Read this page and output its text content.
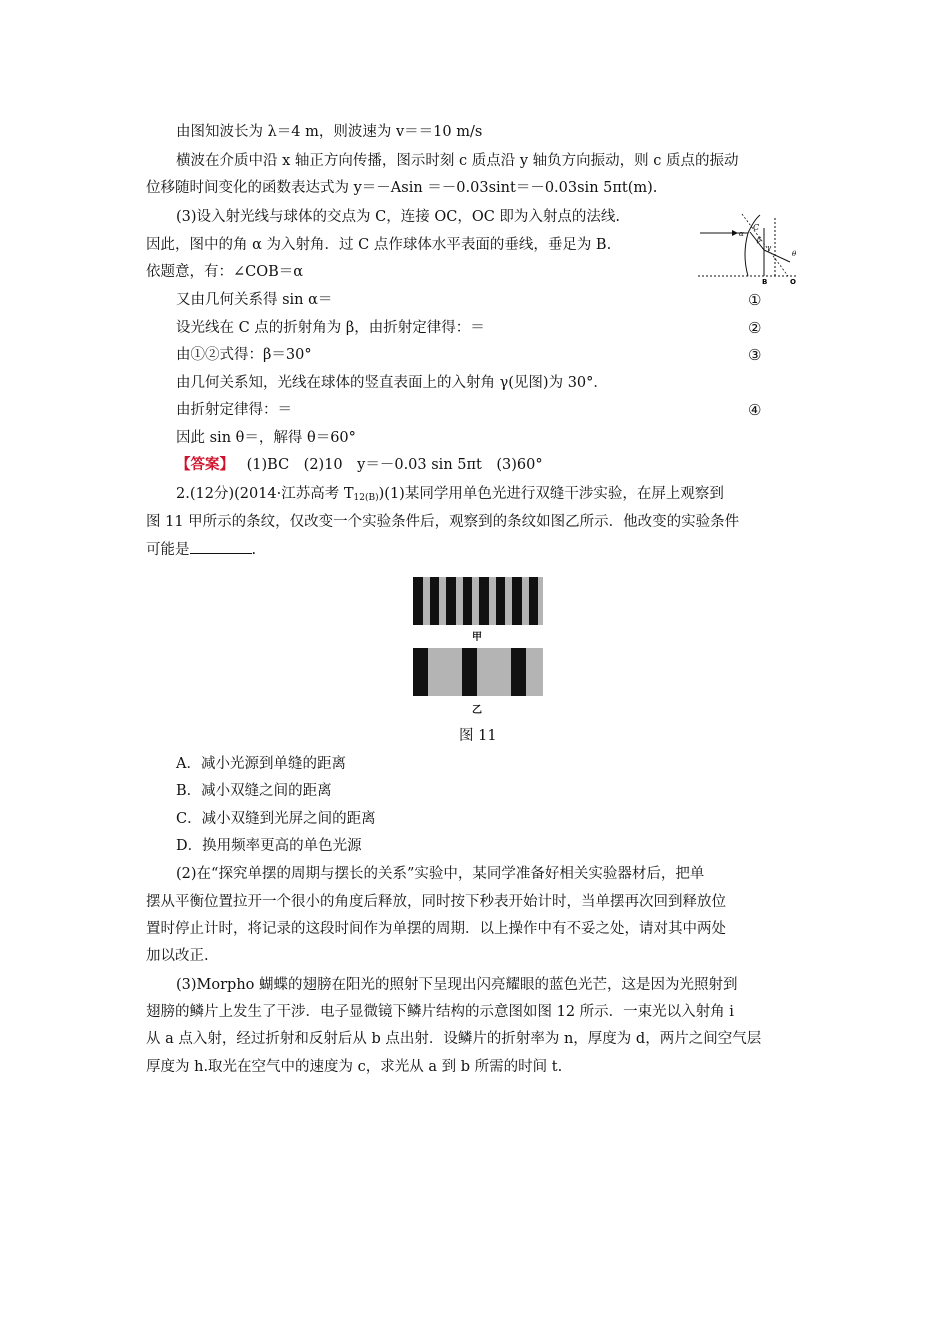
由图知波长为 λ＝4 m，则波速为 v＝＝10 m/s
横波在介质中沿 x 轴正方向传播，图示时刻 c 质点沿 y 轴负方向振动，则 c 质点的振动
位移随时间变化的函数表达式为 y＝－Asin ＝－0.03sint＝－0.03sin 5πt(m).
(3)设入射光线与球体的交点为 C，连接 OC，OC 即为入射点的法线.
因此，图中的角 α 为入射角．过 C 点作球体水平表面的垂线，垂足为 B.
依题意，有：∠COB＝α
C
α
β
γ
θ
B	O
又由几何关系得 sin α＝	①
设光线在 C 点的折射角为 β，由折射定律得：＝	②
由①②式得：β＝30°	③
由几何关系知，光线在球体的竖直表面上的入射角 γ(见图)为 30°．
由折射定律得：＝	④
因此 sin θ＝，解得 θ＝60°
【答案】 (1)BC　(2)10　y＝－0.03 sin 5πt　(3)60°
2.(12分)(2014·江苏高考 $T_{12(B)})(1)$某同学用单色光进行双缝干涉实验，在屏上观察到
图 11 甲所示的条纹，仅改变一个实验条件后，观察到的条纹如图乙所示．他改变的实验条件
可能是	.
甲
乙
图 11
A．减小光源到单缝的距离
B．减小双缝之间的距离
C．减小双缝到光屏之间的距离
D．换用频率更高的单色光源
(2)在“探究单摆的周期与摆长的关系”实验中，某同学准备好相关实验器材后，把单
摆从平衡位置拉开一个很小的角度后释放，同时按下秒表开始计时，当单摆再次回到释放位
置时停止计时，将记录的这段时间作为单摆的周期．以上操作中有不妥之处，请对其中两处
加以改正.
(3)Morpho 蝴蝶的翅膀在阳光的照射下呈现出闪亮耀眼的蓝色光芒，这是因为光照射到
翅膀的鳞片上发生了干涉．电子显微镜下鳞片结构的示意图如图 12 所示．一束光以入射角 i
从 a 点入射，经过折射和反射后从 b 点出射．设鳞片的折射率为 n，厚度为 d，两片之间空气层
厚度为 h.取光在空气中的速度为 c，求光从 a 到 b 所需的时间 t.
